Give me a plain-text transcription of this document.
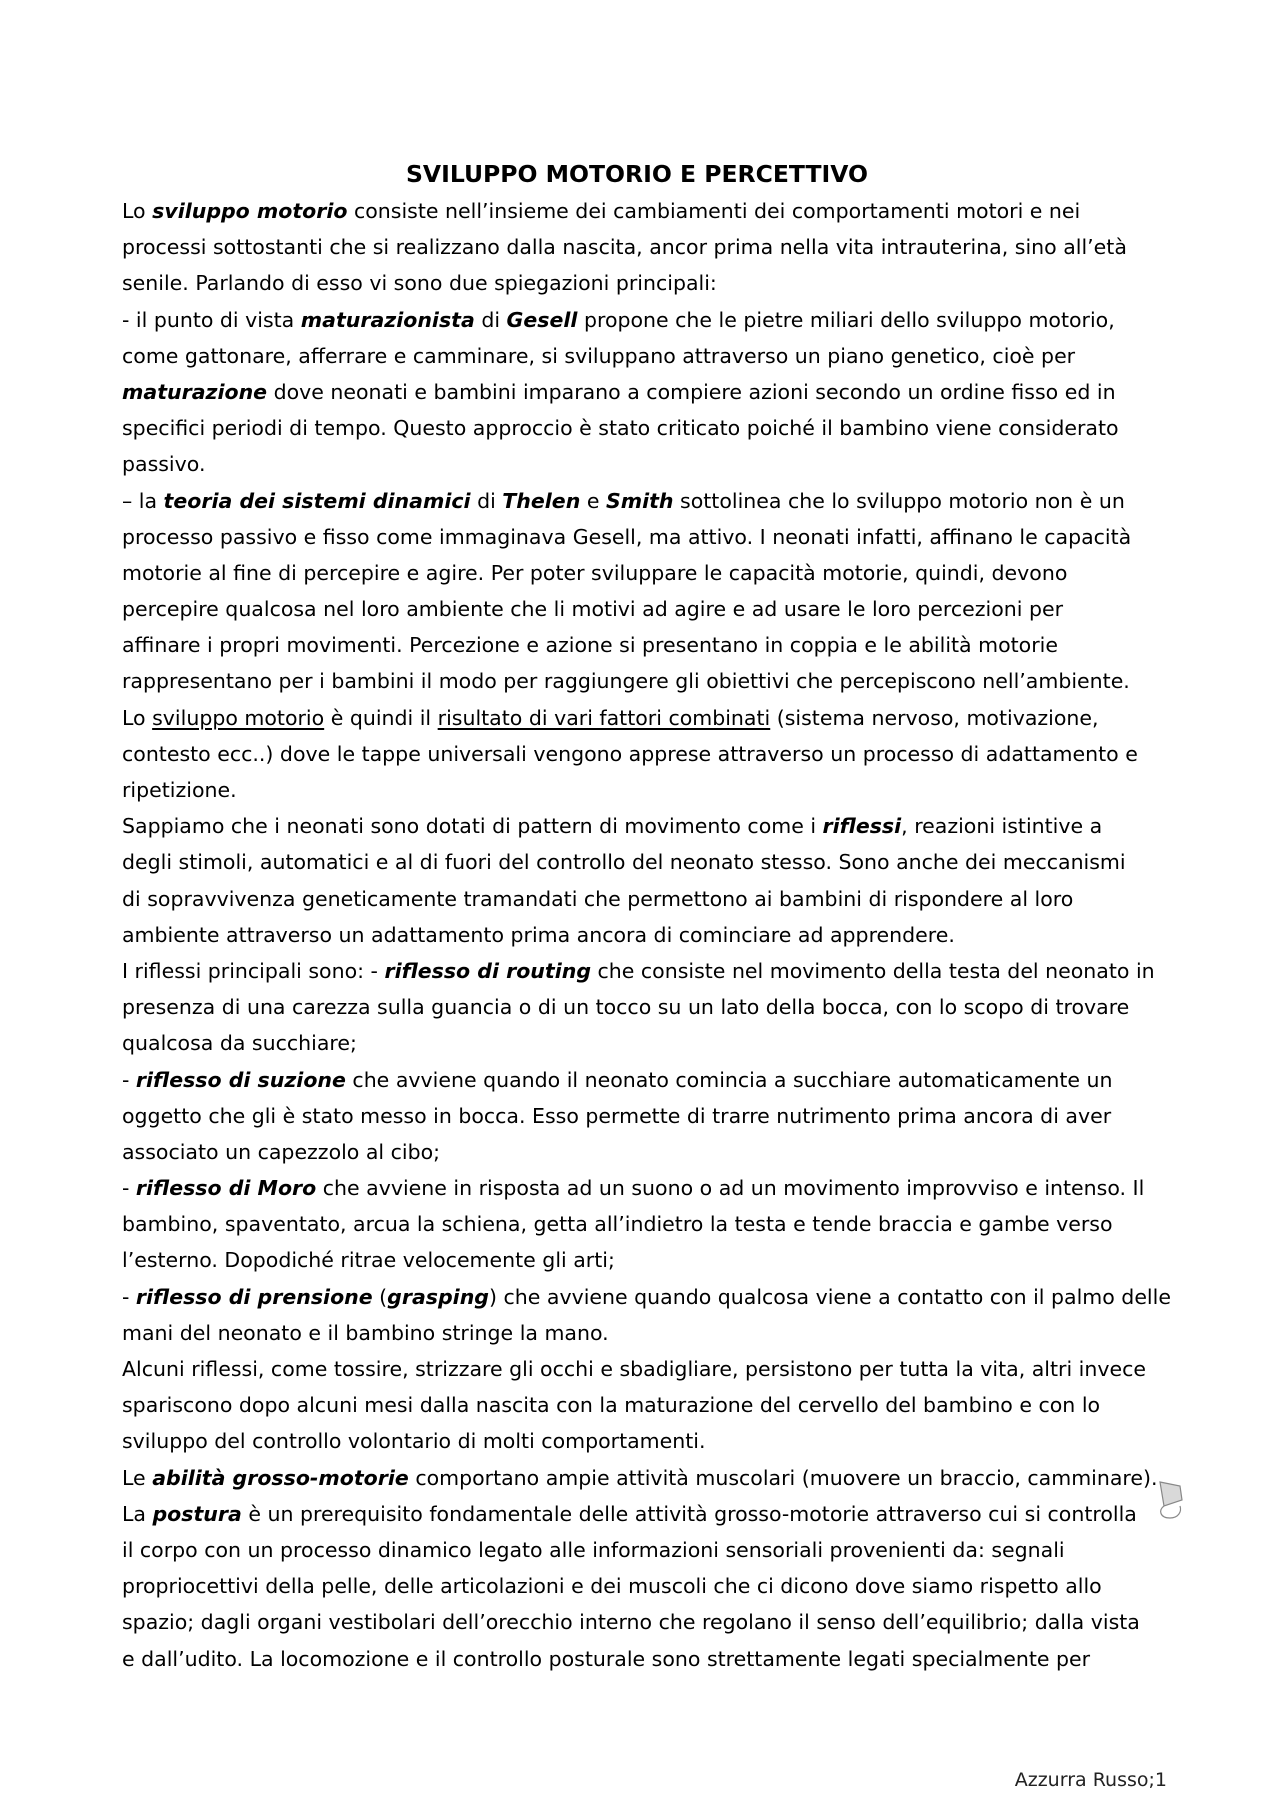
SVILUPPO MOTORIO E PERCETTIVO
Lo sviluppo motorio consiste nell’insieme dei cambiamenti dei comportamenti motori e nei
processi sottostanti che si realizzano dalla nascita, ancor prima nella vita intrauterina, sino all’età
senile. Parlando di esso vi sono due spiegazioni principali:
- il punto di vista maturazionista di Gesell propone che le pietre miliari dello sviluppo motorio,
come gattonare, afferrare e camminare, si sviluppano attraverso un piano genetico, cioè per
maturazione dove neonati e bambini imparano a compiere azioni secondo un ordine fisso ed in
specifici periodi di tempo. Questo approccio è stato criticato poiché il bambino viene considerato
passivo.
– la teoria dei sistemi dinamici di Thelen e Smith sottolinea che lo sviluppo motorio non è un
processo passivo e fisso come immaginava Gesell, ma attivo. I neonati infatti, affinano le capacità
motorie al fine di percepire e agire. Per poter sviluppare le capacità motorie, quindi, devono
percepire qualcosa nel loro ambiente che li motivi ad agire e ad usare le loro percezioni per
affinare i propri movimenti. Percezione e azione si presentano in coppia e le abilità motorie
rappresentano per i bambini il modo per raggiungere gli obiettivi che percepiscono nell’ambiente.
Lo sviluppo motorio è quindi il risultato di vari fattori combinati (sistema nervoso, motivazione,
contesto ecc..) dove le tappe universali vengono apprese attraverso un processo di adattamento e
ripetizione.
Sappiamo che i neonati sono dotati di pattern di movimento come i riflessi, reazioni istintive a
degli stimoli, automatici e al di fuori del controllo del neonato stesso. Sono anche dei meccanismi
di sopravvivenza geneticamente tramandati che permettono ai bambini di rispondere al loro
ambiente attraverso un adattamento prima ancora di cominciare ad apprendere.
I riflessi principali sono: - riflesso di routing che consiste nel movimento della testa del neonato in
presenza di una carezza sulla guancia o di un tocco su un lato della bocca, con lo scopo di trovare
qualcosa da succhiare;
- riflesso di suzione che avviene quando il neonato comincia a succhiare automaticamente un
oggetto che gli è stato messo in bocca. Esso permette di trarre nutrimento prima ancora di aver
associato un capezzolo al cibo;
- riflesso di Moro che avviene in risposta ad un suono o ad un movimento improvviso e intenso. Il
bambino, spaventato, arcua la schiena, getta all’indietro la testa e tende braccia e gambe verso
l’esterno. Dopodiché ritrae velocemente gli arti;
- riflesso di prensione (grasping) che avviene quando qualcosa viene a contatto con il palmo delle
mani del neonato e il bambino stringe la mano.
Alcuni riflessi, come tossire, strizzare gli occhi e sbadigliare, persistono per tutta la vita, altri invece
spariscono dopo alcuni mesi dalla nascita con la maturazione del cervello del bambino e con lo
sviluppo del controllo volontario di molti comportamenti.
Le abilità grosso-motorie comportano ampie attività muscolari (muovere un braccio, camminare).
La postura è un prerequisito fondamentale delle attività grosso-motorie attraverso cui si controlla
il corpo con un processo dinamico legato alle informazioni sensoriali provenienti da: segnali
propriocettivi della pelle, delle articolazioni e dei muscoli che ci dicono dove siamo rispetto allo
spazio; dagli organi vestibolari dell’orecchio interno che regolano il senso dell’equilibrio; dalla vista
e dall’udito. La locomozione e il controllo posturale sono strettamente legati specialmente per
Azzurra Russo;1
